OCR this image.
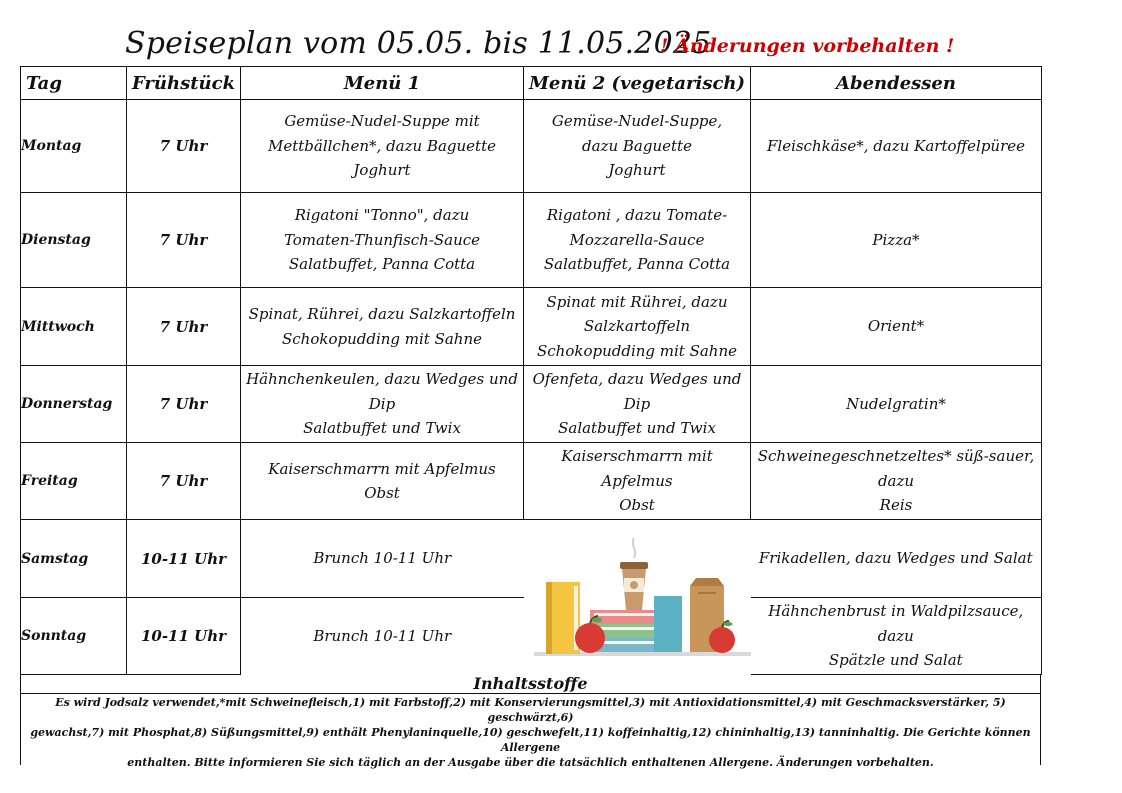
Speiseplan vom 05.05. bis 11.05.2025
! Änderungen vorbehalten !
Tag	Frühstück	Menü 1	Menü 2 (vegetarisch)	Abendessen
Montag	7 Uhr	Gemüse-Nudel-Suppe mit
Mettbällchen*, dazu Baguette
Joghurt	Gemüse-Nudel-Suppe,
dazu Baguette
Joghurt	Fleischkäse*, dazu Kartoffelpüree

Dienstag	7 Uhr	Rigatoni "Tonno", dazu
Tomaten-Thunfisch-Sauce
Salatbuffet, Panna Cotta	Rigatoni , dazu Tomate-
Mozzarella-Sauce
Salatbuffet, Panna Cotta	Pizza*

Mittwoch	7 Uhr	Spinat, Rührei, dazu Salzkartoffeln
Schokopudding mit Sahne	Spinat mit Rührei, dazu
Salzkartoffeln
Schokopudding mit Sahne	Orient*

Donnerstag	7 Uhr	Hähnchenkeulen, dazu Wedges und Dip
Salatbuffet und Twix	Ofenfeta, dazu Wedges und Dip
Salatbuffet und Twix	Nudelgratin*

Freitag	7 Uhr	Kaiserschmarrn mit Apfelmus
Obst	Kaiserschmarrn mit Apfelmus
Obst	Schweinegeschnetzeltes* süß-sauer, dazu
Reis

Samstag	10-11 Uhr	Brunch 10-11 Uhr		Frikadellen, dazu Wedges und Salat

Sonntag	10-11 Uhr	Brunch 10-11 Uhr		Hähnchenbrust in Waldpilzsauce, dazu
Spätzle und Salat
Inhaltsstoffe
Es wird Jodsalz verwendet,*mit Schweinefleisch,1) mit Farbstoff,2) mit Konservierungsmittel,3) mit Antioxidationsmittel,4) mit Geschmacksverstärker, 5) geschwärzt,6)
gewachst,7) mit Phosphat,8) Süßungsmittel,9) enthält Phenylaninquelle,10) geschwefelt,11) koffeinhaltig,12) chininhaltig,13) tanninhaltig. Die Gerichte können Allergene
enthalten. Bitte informieren Sie sich täglich an der Ausgabe über die tatsächlich enthaltenen Allergene. Änderungen vorbehalten.
